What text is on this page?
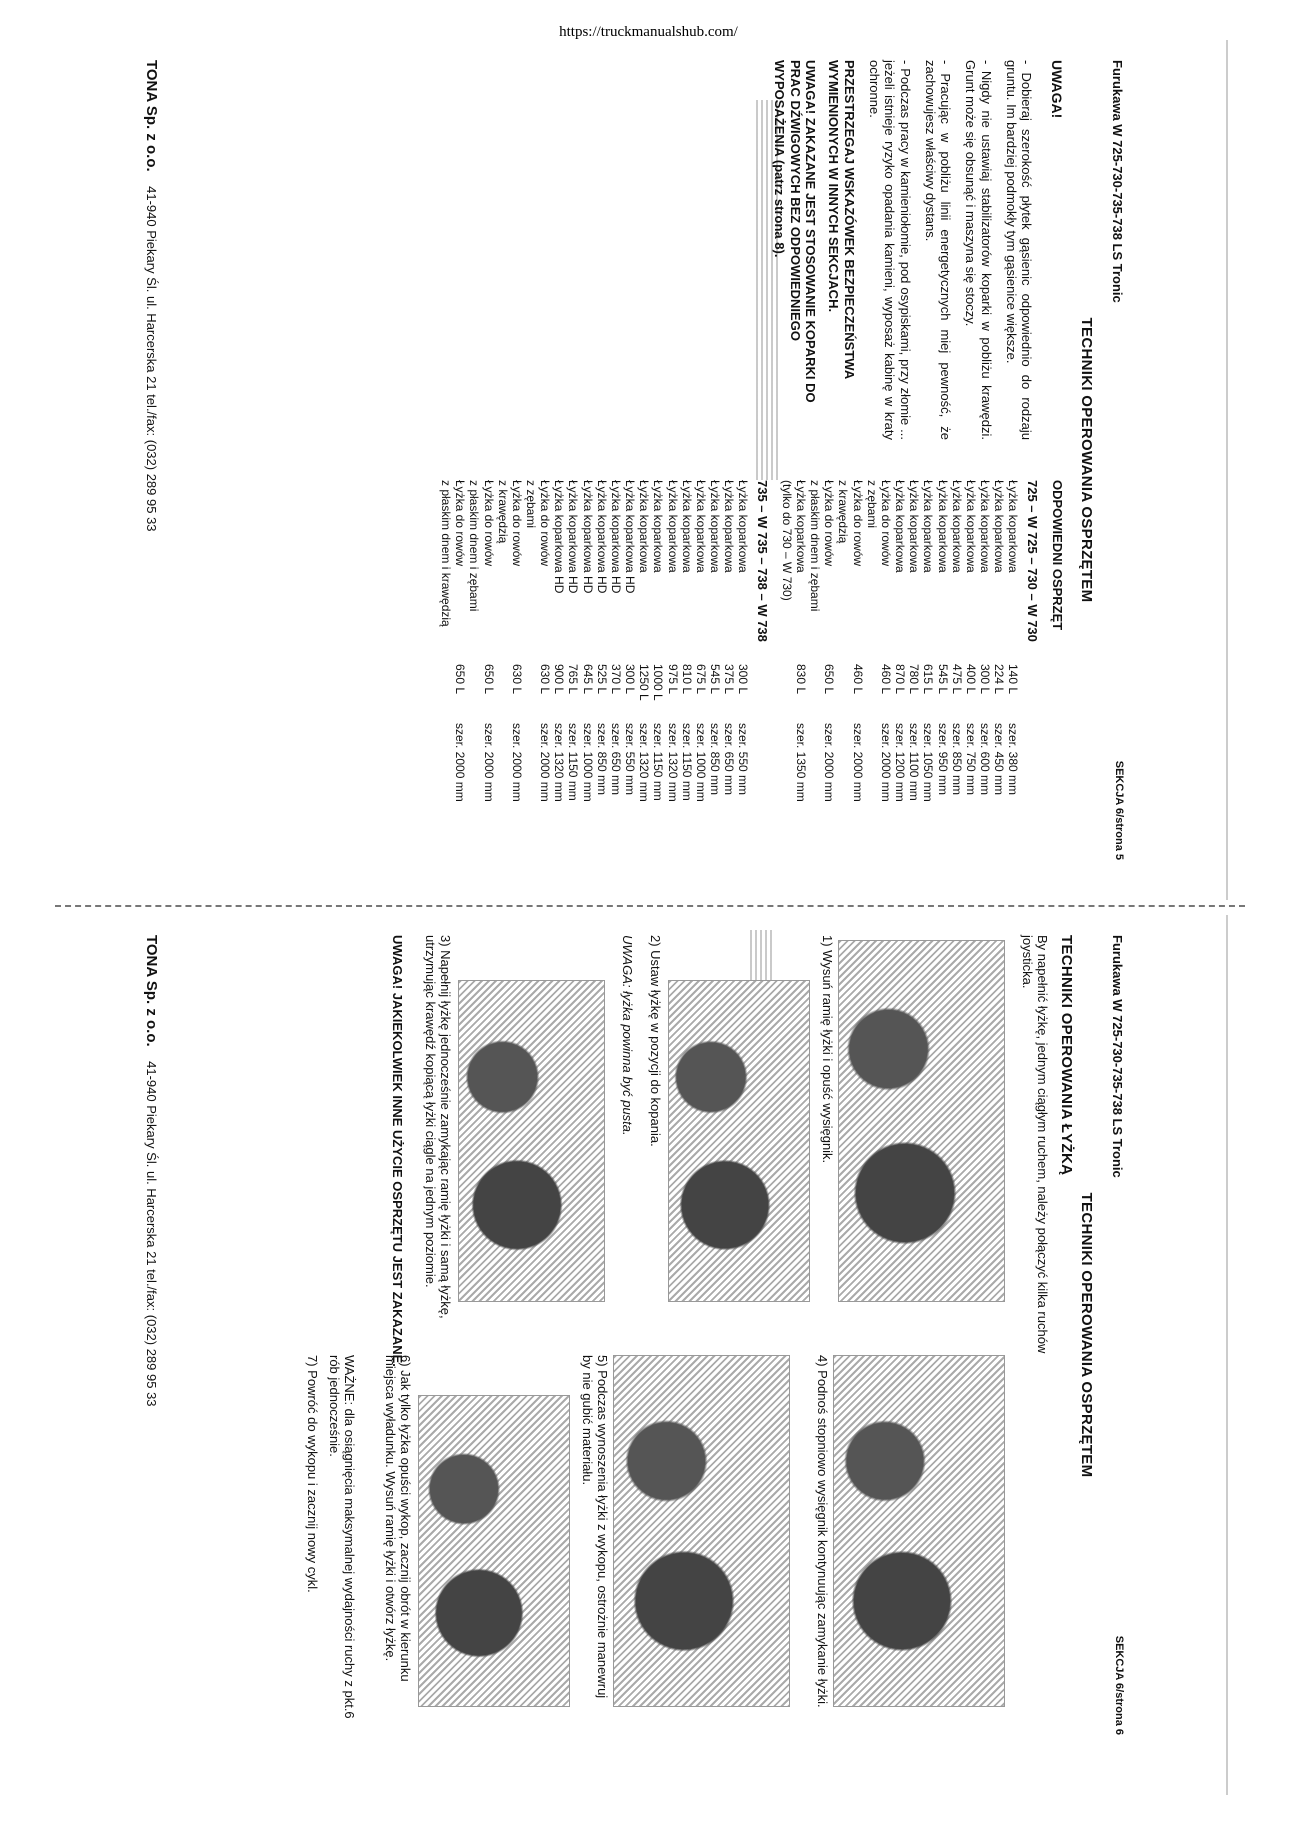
https://truckmanualshub.com/
Furukawa W 725-730-735-738 LS Tronic
SEKCJA 6/strona 5
TECHNIKI OPEROWANIA OSPRZĘTEM
UWAGA!
- Dobieraj szerokość płytek gąsienic odpowiednio do rodzaju gruntu. Im bardziej podmokły tym gąsienice większe.
- Nigdy nie ustawiaj stabilizatorów koparki w pobliżu krawędzi. Grunt może się obsunąć i maszyna się stoczy.
- Pracując w pobliżu linii energetycznych miej pewność, że zachowujesz właściwy dystans.
- Podczas pracy w kamieniołomie, pod osypiskami, przy złomie ... jeżeli istnieje ryzyko opadania kamieni, wyposaż kabinę w kraty ochronne.
PRZESTRZEGAJ WSKAZÓWEK BEZPIECZEŃSTWA WYMIENIONYCH W INNYCH SEKCJACH.
UWAGA! ZAKAZANE JEST STOSOWANIE KOPARKI DO PRAC DŹWIGOWYCH BEZ ODPOWIEDNIEGO WYPOSAŻENIA (patrz strona 8).
ODPOWIEDNI OSPRZĘT
725 – W 725 – 730 – W 730
Łyżka koparkowa	140 L	szer. 380 mm
Łyżka koparkowa	224 L	szer. 450 mm
Łyżka koparkowa	300 L	szer. 600 mm
Łyżka koparkowa	400 L	szer. 750 mm
Łyżka koparkowa	475 L	szer. 850 mm
Łyżka koparkowa	545 L	szer. 950 mm
Łyżka koparkowa	615 L	szer. 1050 mm
Łyżka koparkowa	780 L	szer. 1100 mm
Łyżka koparkowa	870 L	szer. 1200 mm
Łyżka do rowów	460 L	szer. 2000 mm
z zębami		
Łyżka do rowów	460 L	szer. 2000 mm
z krawędzią		
Łyżka do rowów	650 L	szer. 2000 mm
z płaskim dnem i zębami		
Łyżka koparkowa	830 L	szer. 1350 mm
(tylko do 730 – W 730)		
735 – W 735 – 738 – W 738
Łyżka koparkowa	300 L	szer. 550 mm
Łyżka koparkowa	375 L	szer. 650 mm
Łyżka koparkowa	545 L	szer. 850 mm
Łyżka koparkowa	675 L	szer. 1000 mm
Łyżka koparkowa	810 L	szer. 1150 mm
Łyżka koparkowa	975 L	szer. 1320 mm
Łyżka koparkowa	1000 L	szer. 1150 mm
Łyżka koparkowa	1250 L	szer. 1320 mm
Łyżka koparkowa HD	300 L	szer. 550 mm
Łyżka koparkowa HD	370 L	szer. 650 mm
Łyżka koparkowa HD	525 L	szer. 850 mm
Łyżka koparkowa HD	645 L	szer. 1000 mm
Łyżka koparkowa HD	765 L	szer. 1150 mm
Łyżka koparkowa HD	900 L	szer. 1320 mm
Łyżka do rowów	630 L	szer. 2000 mm
z zębami		
Łyżka do rowów	630 L	szer. 2000 mm
z krawędzią		
Łyżka do rowów	650 L	szer. 2000 mm
z płaskim dnem i zębami		
Łyżka do rowów	650 L	szer. 2000 mm
z płaskim dnem i krawędzią		
TONA Sp. z o.o.    41-940 Piekary Śl. ul. Harcerska 21 tel./fax: (032) 289 95 33
Furukawa W 725-730-735-738 LS Tronic
SEKCJA 6/strona 6
TECHNIKI OPEROWANIA OSPRZĘTEM
TECHNIKI OPEROWANIA ŁYŻKĄ
By napełnić łyżkę, jednym ciągłym ruchem, należy połączyć kilka ruchów joysticka.
1) Wysuń ramię łyżki i opuść wysięgnik.
2) Ustaw łyżkę w pozycji do kopania.
UWAGA: łyżka powinna być pusta.
3) Napełnij łyżkę jednocześnie zamykając ramię łyżki i samą łyżkę, utrzymując krawędź kopiącą łyżki ciągle na jednym poziomie.
UWAGA! JAKIEKOLWIEK INNE UŻYCIE OSPRZĘTU JEST ZAKAZANE.
4) Podnoś stopniowo wysięgnik kontynuując zamykanie łyżki.
5) Podczas wynoszenia łyżki z wykopu, ostrożnie manewruj by nie gubić materiału.
6) Jak tylko łyżka opuści wykop, zacznij obrót w kierunku miejsca wyładunku. Wysuń ramię łyżki i otwórz łyżkę.
WAŻNE: dla osiągnięcia maksymalnej wydajności ruchy z pkt.6 rób jednocześnie.
7) Powróć do wykopu i zacznij nowy cykl.
TONA Sp. z o.o.    41-940 Piekary Śl. ul. Harcerska 21 tel./fax: (032) 289 95 33
